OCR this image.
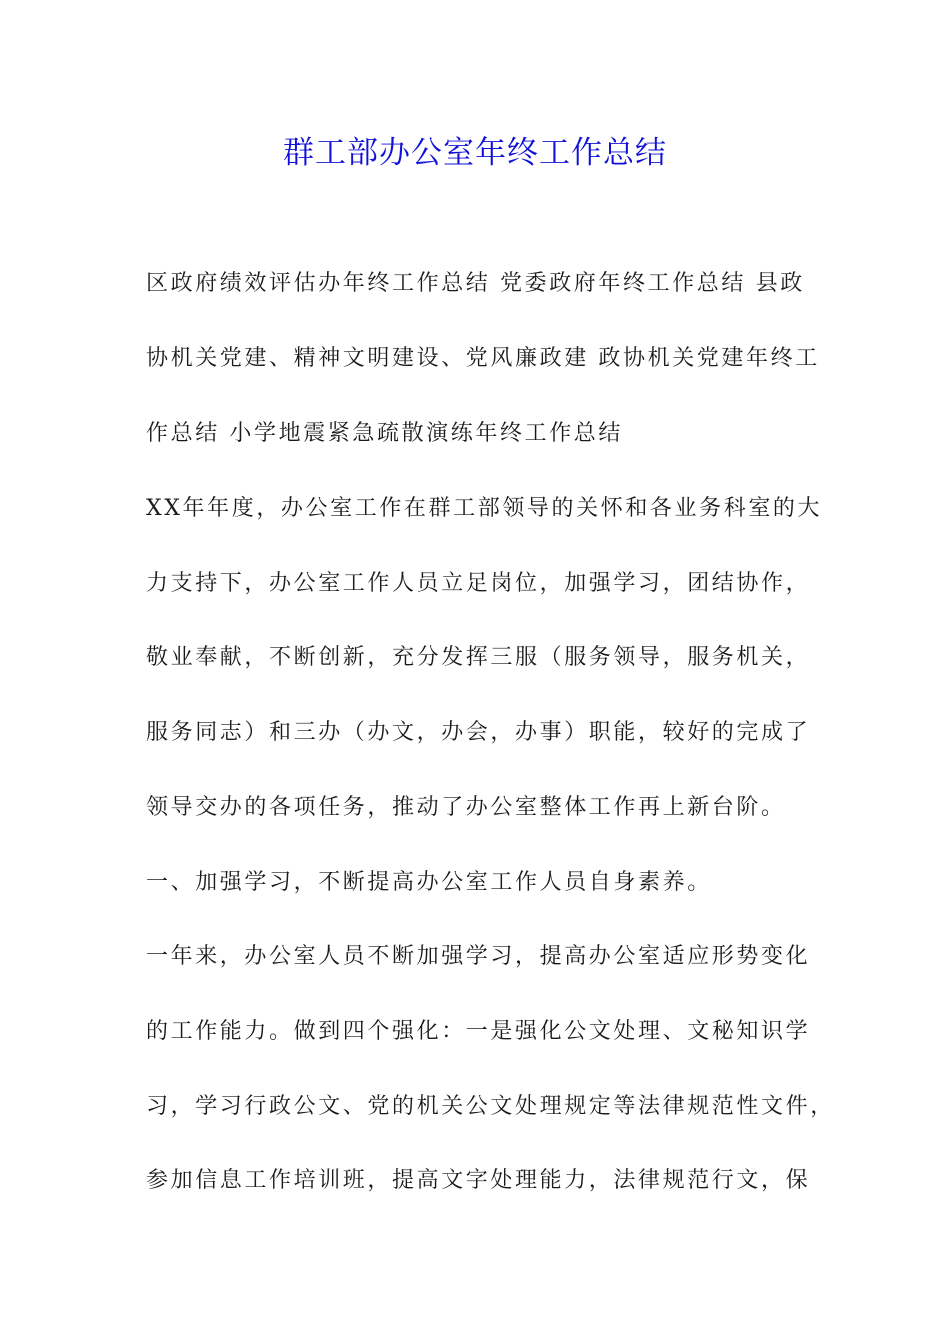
群工部办公室年终工作总结
区政府绩效评估办年终工作总结 党委政府年终工作总结 县政
协机关党建、精神文明建设、党风廉政建 政协机关党建年终工
作总结 小学地震紧急疏散演练年终工作总结
XX年年度，办公室工作在群工部领导的关怀和各业务科室的大
力支持下，办公室工作人员立足岗位，加强学习，团结协作，
敬业奉献，不断创新，充分发挥三服（服务领导，服务机关，
服务同志）和三办（办文，办会，办事）职能，较好的完成了
领导交办的各项任务，推动了办公室整体工作再上新台阶。
一、加强学习，不断提高办公室工作人员自身素养。
一年来，办公室人员不断加强学习，提高办公室适应形势变化
的工作能力。做到四个强化：一是强化公文处理、文秘知识学
习，学习行政公文、党的机关公文处理规定等法律规范性文件，
参加信息工作培训班，提高文字处理能力，法律规范行文，保
